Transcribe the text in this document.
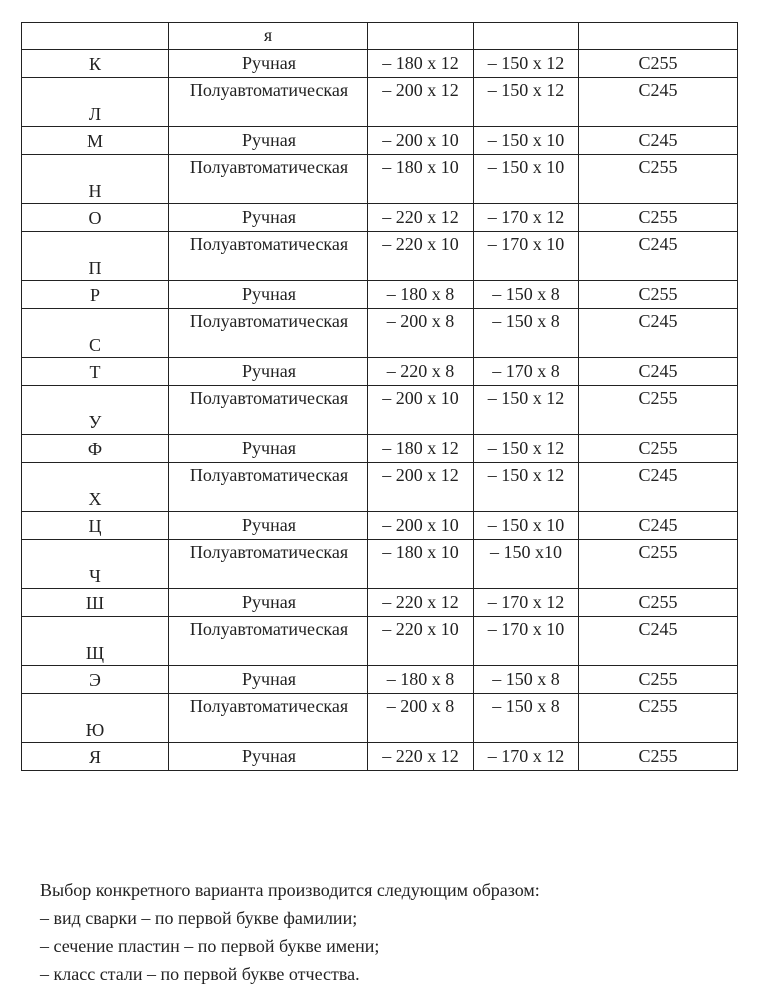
	я			
К	Ручная	– 180 х 12	– 150 х 12	С255
Л	Полуавтоматическая	– 200 х 12	– 150 х 12	С245
М	Ручная	– 200 х 10	– 150 х 10	С245
Н	Полуавтоматическая	– 180 х 10	– 150 х 10	С255
О	Ручная	– 220 х 12	– 170 х 12	С255
П	Полуавтоматическая	– 220 х 10	– 170 х 10	С245
Р	Ручная	– 180 х 8	– 150 х 8	С255
С	Полуавтоматическая	– 200 х 8	– 150 х 8	С245
Т	Ручная	– 220 х 8	– 170 х 8	С245
У	Полуавтоматическая	– 200 х 10	– 150 х 12	С255
Ф	Ручная	– 180 х 12	– 150 х 12	С255
Х	Полуавтоматическая	– 200 х 12	– 150 х 12	С245
Ц	Ручная	– 200 х 10	– 150 х 10	С245
Ч	Полуавтоматическая	– 180 х 10	– 150 х10	С255
Ш	Ручная	– 220 х 12	– 170 х 12	С255
Щ	Полуавтоматическая	– 220 х 10	– 170 х 10	С245
Э	Ручная	– 180 х 8	– 150 х 8	С255
Ю	Полуавтоматическая	– 200 х 8	– 150 х 8	С255
Я	Ручная	– 220 х 12	– 170 х 12	С255

Выбор конкретного варианта производится следующим образом:

– вид сварки – по первой букве фамилии;

– сечение пластин – по первой букве имени;

– класс стали – по первой букве отчества.
